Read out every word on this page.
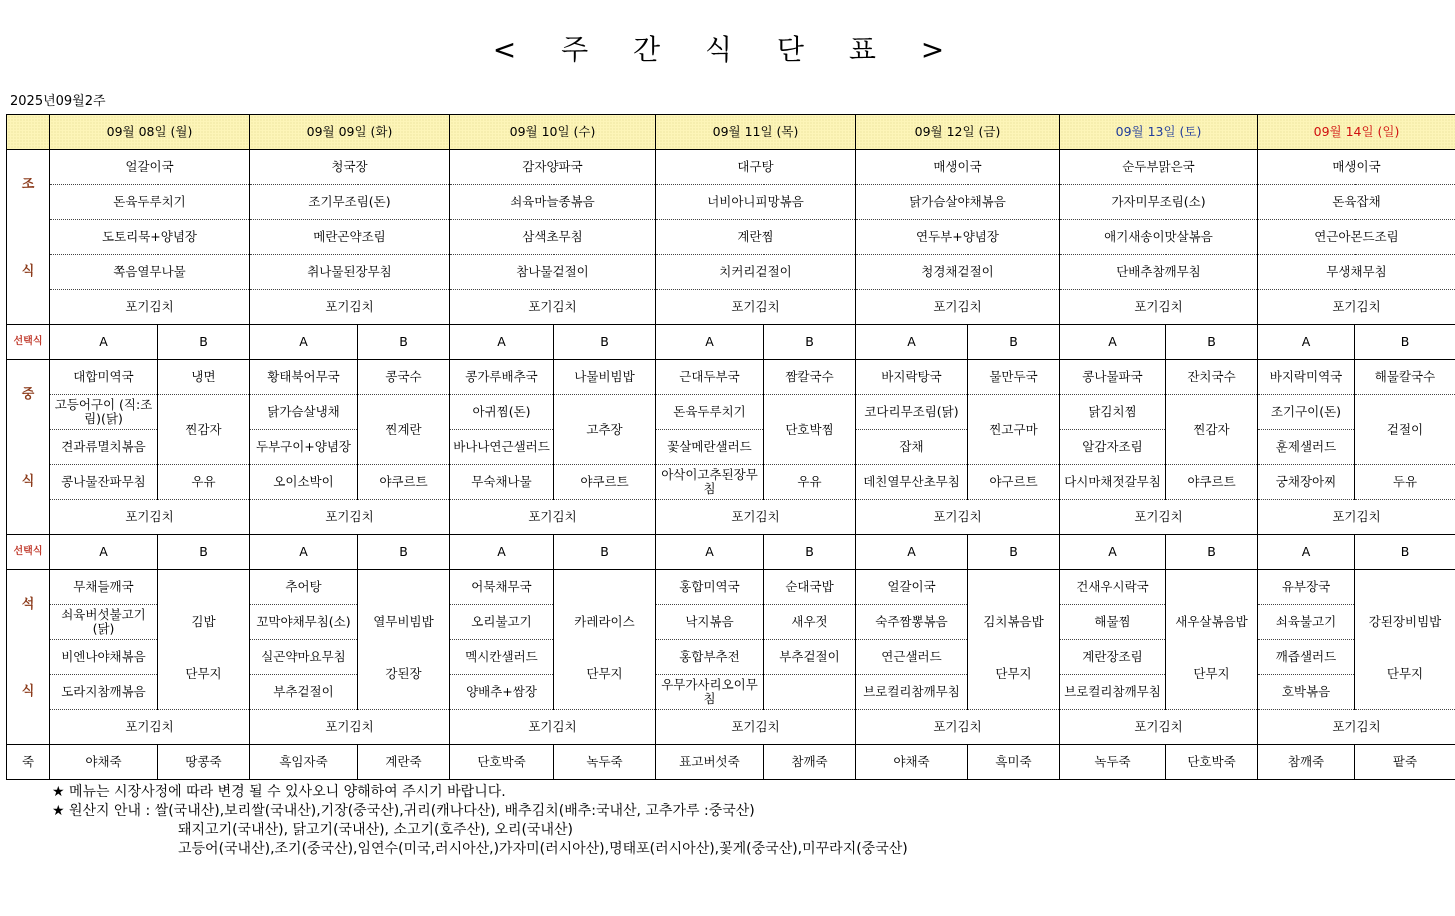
< 주 간 식 단 표 >
2025년09월2주
	09월 08일 (월)		09월 09일 (화)		09월 10일 (수)		09월 11일 (목)		09월 12일 (금)		09월 13일 (토)		09월 14일 (일)	
조	얼갈이국		청국장		감자양파국		대구탕		매생이국		순두부맑은국		매생이국	
	돈육두루치기		조기무조림(돈)		쇠육마늘종볶음		너비아니피망볶음		닭가슴살야채볶음		가자미무조림(소)		돈육잡채	
식	도토리묵+양념장		메란곤약조림		삼색초무침		계란찜		연두부+양념장		애기새송이맛살볶음		연근아몬드조림	
	쪽음열무나물		취나물된장무침		참나물겉절이		치커리겉절이		청경채겉절이		단배추참깨무침		무생채무침	
	포기김치		포기김치		포기김치		포기김치		포기김치		포기김치		포기김치	
선택식	A	B	A	B	A	B	A	B	A	B	A	B	A	B
중	대합미역국	냉면	황태북어무국	콩국수	콩가루배추국	나물비빔밥	근대두부국	짬칼국수	바지락탕국	물만두국	콩나물파국	잔치국수	바지락미역국	해물칼국수
	고등어구이 (직:조림)(닭)	찐감자	닭가슴살냉채	찐계란	아귀찜(돈)	고추장	돈육두루치기	단호박찜	코다리무조림(닭)	찐고구마	닭김치찜	찐감자	조기구이(돈)	겉절이
식	견과류멸치볶음		두부구이+양념장		바나나연근샐러드		꽃살메란샐러드		잡채		알감자조림		훈제샐러드	
	콩나물잔파무침	우유	오이소박이	야쿠르트	무숙채나물	야쿠르트	아삭이고추된장무침	우유	데친열무산초무침	야구르트	다시마채젓갈무침	야쿠르트	궁채장아찌	두유
	포기김치		포기김치		포기김치		포기김치		포기김치		포기김치		포기김치	
선택식	A	B	A	B	A	B	A	B	A	B	A	B	A	B
석	무채들깨국		추어탕		어묵채무국		홍합미역국	순대국밥	얼갈이국		건새우시락국		유부장국	
	쇠육버섯불고기(닭)	김밥	꼬막야채무침(소)	열무비빔밥	오리불고기	카레라이스	낙지볶음	새우젓	숙주짬뽕볶음	김치볶음밥	해물찜	새우살볶음밥	쇠육불고기	강된장비빔밥
식	비엔나야채볶음	단무지	실곤약마요무침	강된장	멕시칸샐러드	단무지	홍합부추전	부추겉절이	연근샐러드	단무지	계란장조림	단무지	깨즙샐러드	단무지
	도라지참깨볶음		부추겉절이		양배추+쌈장		우무가사리오이무침		브로컬리참깨무침		브로컬리참깨무침		호박볶음	
	포기김치		포기김치		포기김치		포기김치		포기김치		포기김치		포기김치	
죽	야채죽	땅콩죽	흑임자죽	계란죽	단호박죽	녹두죽	표고버섯죽	참깨죽	야채죽	흑미죽	녹두죽	단호박죽	참깨죽	팥죽
★ 메뉴는 시장사정에 따라 변경 될 수 있사오니 양해하여 주시기 바랍니다.
★ 원산지 안내 : 쌀(국내산),보리쌀(국내산),기장(중국산),귀리(캐나다산), 배추김치(배추:국내산, 고추가루 :중국산)
돼지고기(국내산), 닭고기(국내산), 소고기(호주산), 오리(국내산)
고등어(국내산),조기(중국산),임연수(미국,러시아산,)가자미(러시아산),명태포(러시아산),꽃게(중국산),미꾸라지(중국산)
